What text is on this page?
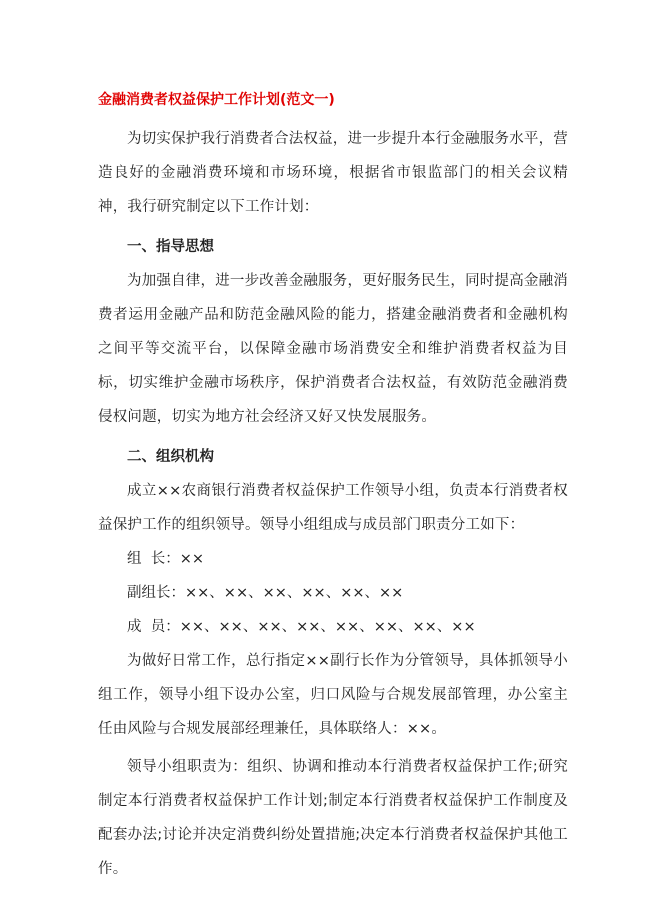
金融消费者权益保护工作计划(范文一)

为切实保护我行消费者合法权益，进一步提升本行金融服务水平，营造良好的金融消费环境和市场环境，根据省市银监部门的相关会议精神，我行研究制定以下工作计划：

一、指导思想

为加强自律，进一步改善金融服务，更好服务民生，同时提高金融消费者运用金融产品和防范金融风险的能力，搭建金融消费者和金融机构之间平等交流平台，以保障金融市场消费安全和维护消费者权益为目标，切实维护金融市场秩序，保护消费者合法权益，有效防范金融消费侵权问题，切实为地方社会经济又好又快发展服务。

二、组织机构

成立××农商银行消费者权益保护工作领导小组，负责本行消费者权益保护工作的组织领导。领导小组组成与成员部门职责分工如下：

组  长：××

副组长：××、××、××、××、××、××

成  员：××、××、××、××、××、××、××、××

为做好日常工作，总行指定××副行长作为分管领导，具体抓领导小组工作，领导小组下设办公室，归口风险与合规发展部管理，办公室主任由风险与合规发展部经理兼任，具体联络人：××。

领导小组职责为：组织、协调和推动本行消费者权益保护工作;研究制定本行消费者权益保护工作计划;制定本行消费者权益保护工作制度及配套办法;讨论并决定消费纠纷处置措施;决定本行消费者权益保护其他工作。
